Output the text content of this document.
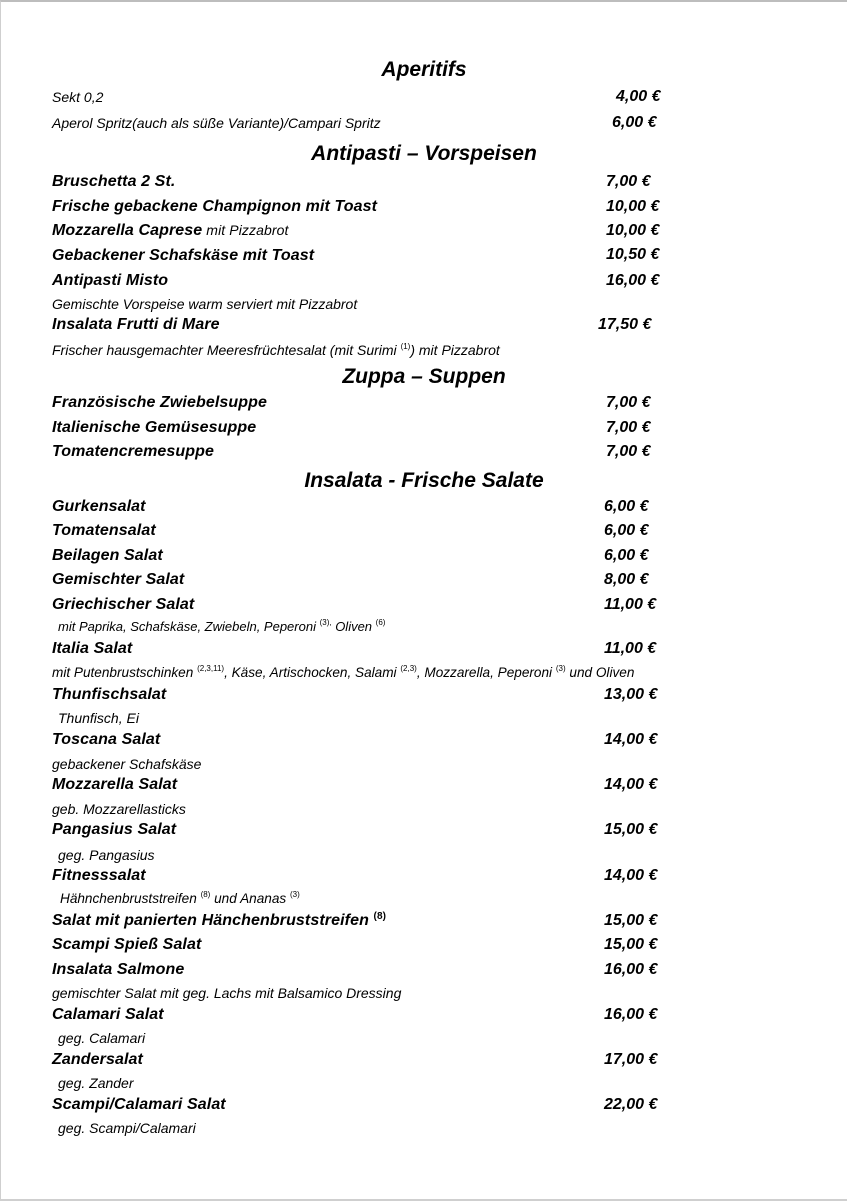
Aperitifs
Sekt 0,2	4,00 €
Aperol Spritz(auch als süße Variante)/Campari Spritz	6,00 €
Antipasti – Vorspeisen
Bruschetta 2 St.	7,00 €
Frische gebackene Champignon mit Toast	10,00 €
Mozzarella Caprese mit Pizzabrot	10,00 €
Gebackener Schafskäse mit Toast	10,50 €
Antipasti Misto	16,00 €
Gemischte Vorspeise warm serviert mit Pizzabrot
Insalata Frutti di Mare	17,50 €
Frischer hausgemachter Meeresfrüchtesalat (mit Surimi $^{(1)}$) mit Pizzabrot
Zuppa – Suppen
Französische Zwiebelsuppe	7,00 €
Italienische Gemüsesuppe	7,00 €
Tomatencremesuppe	7,00 €
Insalata - Frische Salate
Gurkensalat	6,00 €
Tomatensalat	6,00 €
Beilagen Salat	6,00 €
Gemischter Salat	8,00 €
Griechischer Salat	11,00 €
mit Paprika, Schafskäse, Zwiebeln, Peperoni $^{(3),}$ Oliven $^{(6)}$
Italia Salat	11,00 €
mit Putenbrustschinken $^{(2,3,11)}$, Käse, Artischocken, Salami $^{(2,3)}$, Mozzarella, Peperoni $^{(3)}$ und Oliven
Thunfischsalat	13,00 €
Thunfisch, Ei
Toscana Salat	14,00 €
gebackener Schafskäse
Mozzarella Salat	14,00 €
geb. Mozzarellasticks
Pangasius Salat	15,00 €
geg. Pangasius
Fitnesssalat	14,00 €
Hähnchenbruststreifen $^{(8)}$ und Ananas $^{(3)}$
Salat mit panierten Hänchenbruststreifen $^{(8)}$	15,00 €
Scampi Spieß Salat	15,00 €
Insalata Salmone	16,00 €
gemischter Salat mit geg. Lachs mit Balsamico Dressing
Calamari Salat	16,00 €
geg. Calamari
Zandersalat	17,00 €
geg. Zander
Scampi/Calamari Salat	22,00 €
geg. Scampi/Calamari
